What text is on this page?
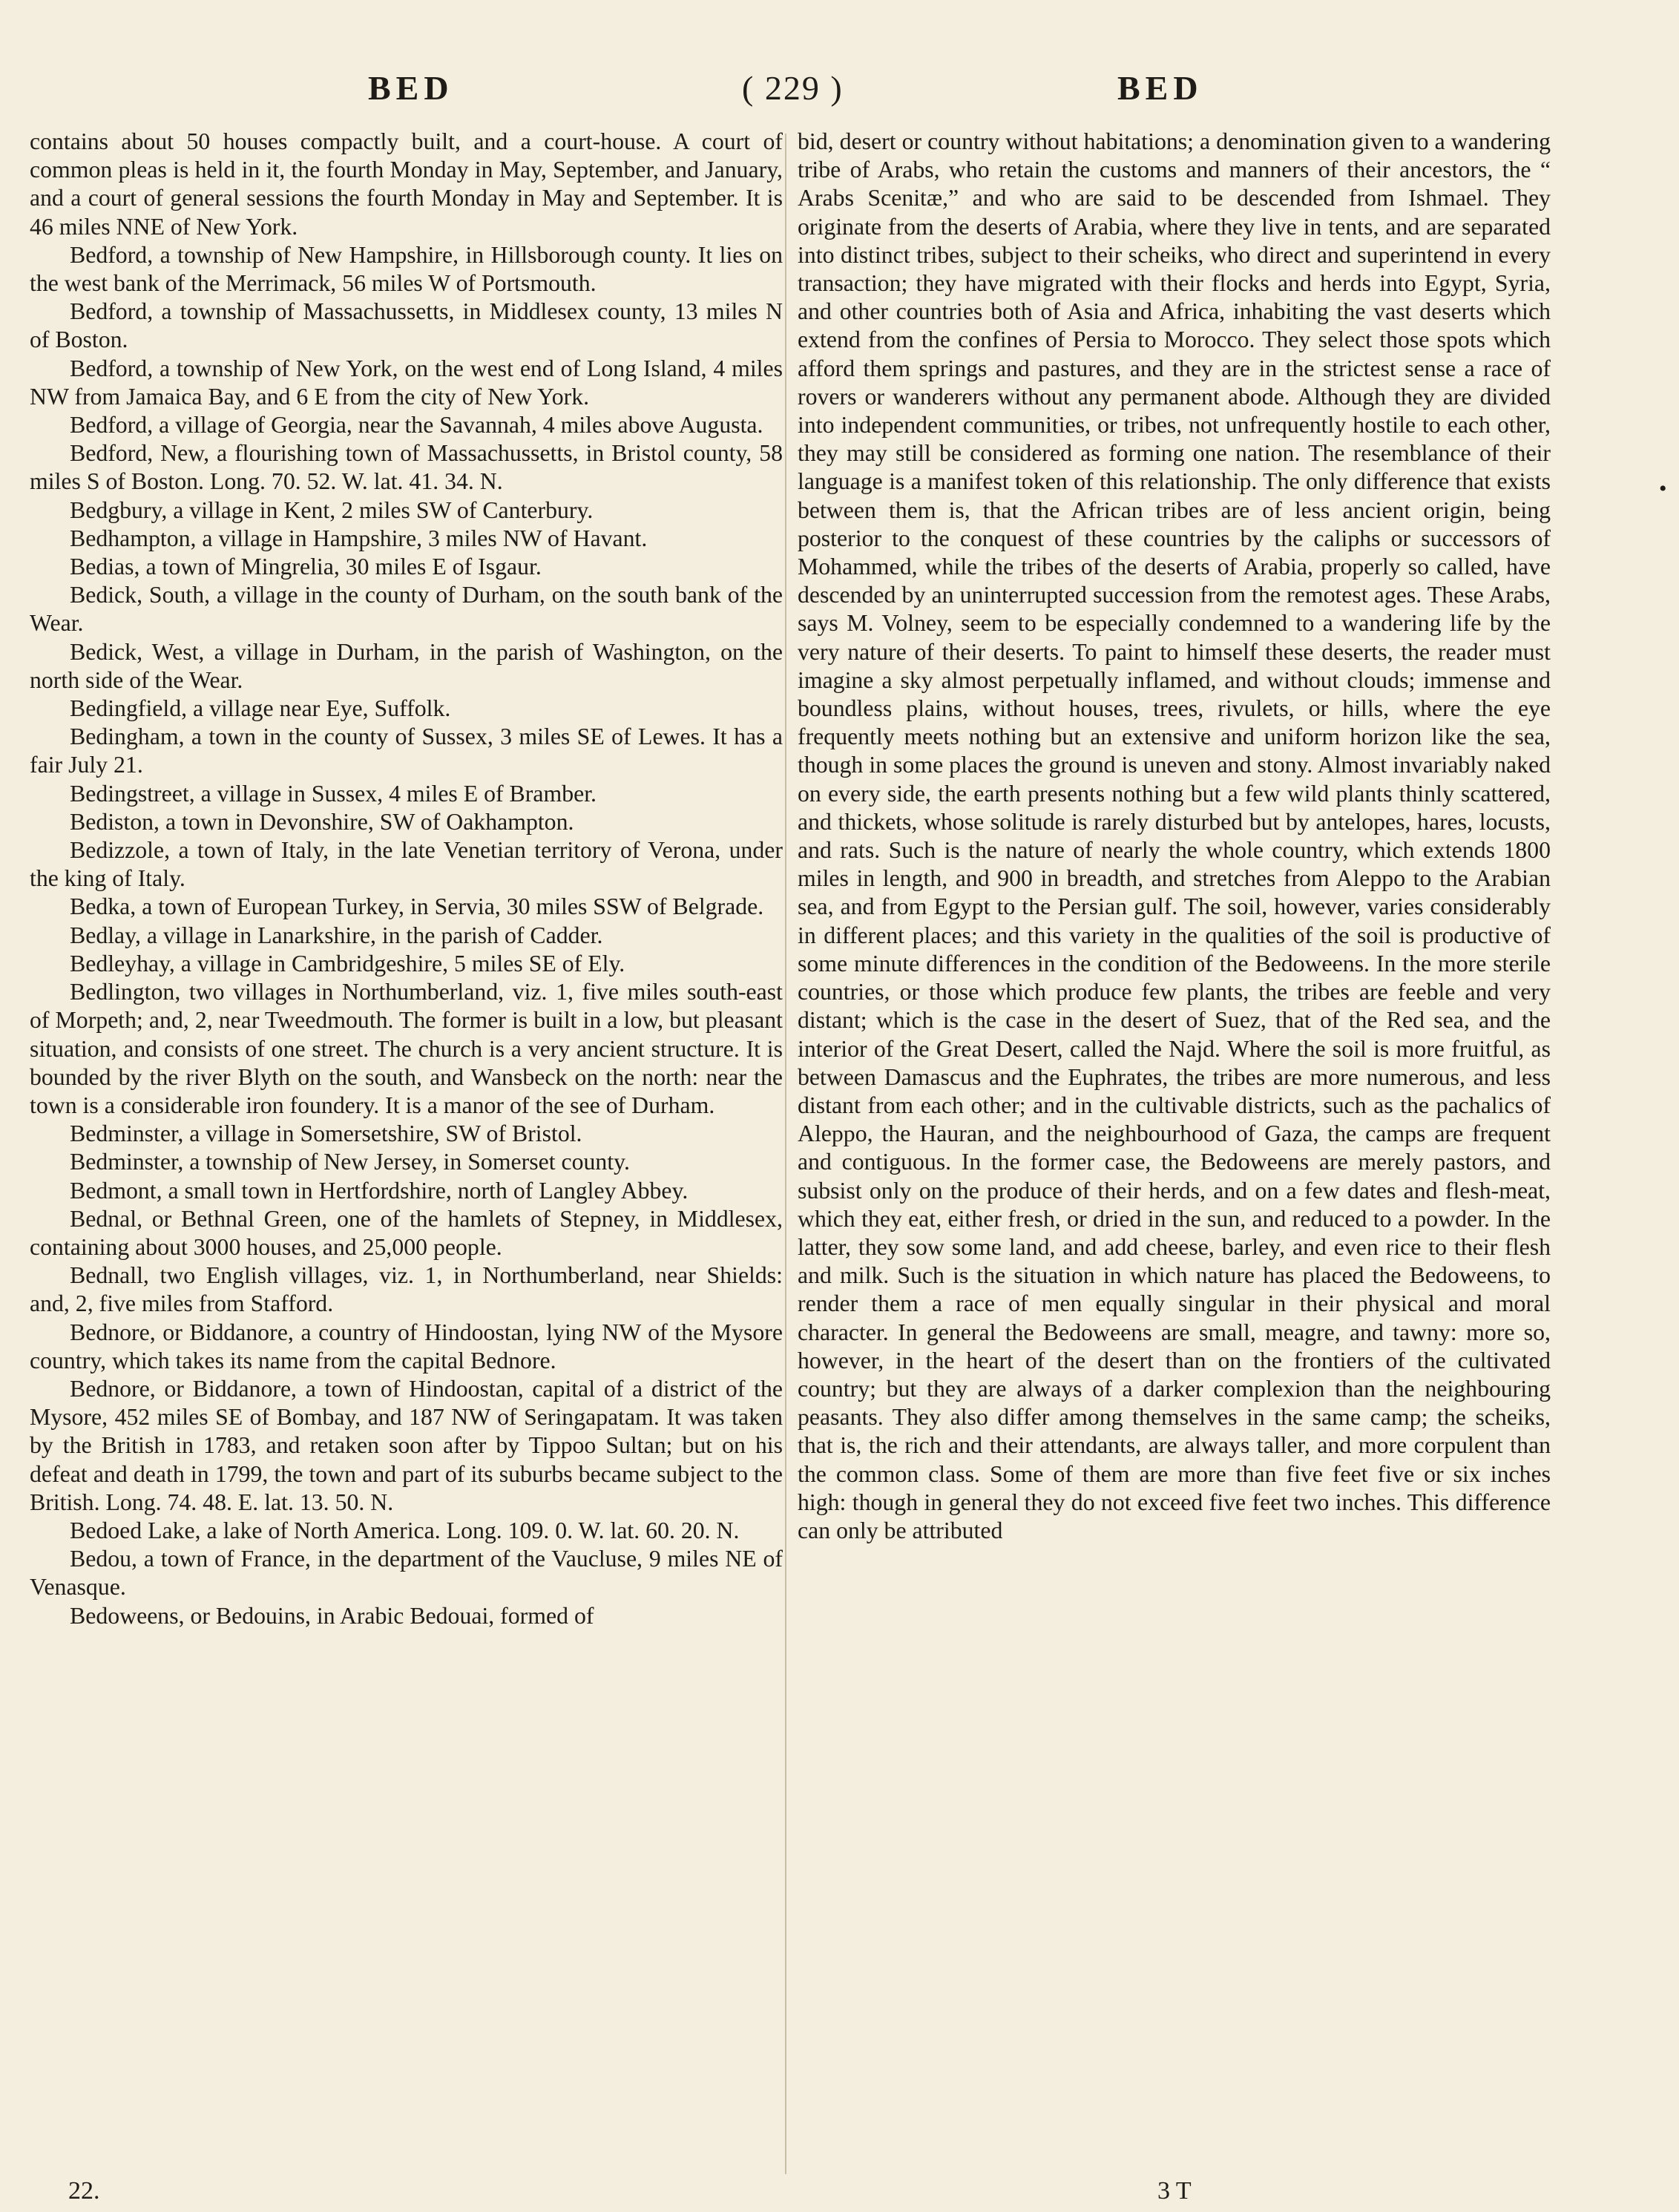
BED	( 229 )	BED

contains about 50 houses compactly built, and a court-house. A court of common pleas is held in it, the fourth Monday in May, September, and January, and a court of general sessions the fourth Monday in May and September. It is 46 miles NNE of New York.

Bedford, a township of New Hampshire, in Hillsborough county. It lies on the west bank of the Merrimack, 56 miles W of Portsmouth.

Bedford, a township of Massachussetts, in Middlesex county, 13 miles N of Boston.

Bedford, a township of New York, on the west end of Long Island, 4 miles NW from Jamaica Bay, and 6 E from the city of New York.

Bedford, a village of Georgia, near the Savannah, 4 miles above Augusta.

Bedford, New, a flourishing town of Massachussetts, in Bristol county, 58 miles S of Boston. Long. 70. 52. W. lat. 41. 34. N.

Bedgbury, a village in Kent, 2 miles SW of Canterbury.

Bedhampton, a village in Hampshire, 3 miles NW of Havant.

Bedias, a town of Mingrelia, 30 miles E of Isgaur.

Bedick, South, a village in the county of Durham, on the south bank of the Wear.

Bedick, West, a village in Durham, in the parish of Washington, on the north side of the Wear.

Bedingfield, a village near Eye, Suffolk.

Bedingham, a town in the county of Sussex, 3 miles SE of Lewes. It has a fair July 21.

Bedingstreet, a village in Sussex, 4 miles E of Bramber.

Bediston, a town in Devonshire, SW of Oakhampton.

Bedizzole, a town of Italy, in the late Venetian territory of Verona, under the king of Italy.

Bedka, a town of European Turkey, in Servia, 30 miles SSW of Belgrade.

Bedlay, a village in Lanarkshire, in the parish of Cadder.

Bedleyhay, a village in Cambridgeshire, 5 miles SE of Ely.

Bedlington, two villages in Northumberland, viz. 1, five miles south-east of Morpeth; and, 2, near Tweedmouth. The former is built in a low, but pleasant situation, and consists of one street. The church is a very ancient structure. It is bounded by the river Blyth on the south, and Wansbeck on the north: near the town is a considerable iron foundery. It is a manor of the see of Durham.

Bedminster, a village in Somersetshire, SW of Bristol.

Bedminster, a township of New Jersey, in Somerset county.

Bedmont, a small town in Hertfordshire, north of Langley Abbey.

Bednal, or Bethnal Green, one of the hamlets of Stepney, in Middlesex, containing about 3000 houses, and 25,000 people.

Bednall, two English villages, viz. 1, in Northumberland, near Shields: and, 2, five miles from Stafford.

Bednore, or Biddanore, a country of Hindoostan, lying NW of the Mysore country, which takes its name from the capital Bednore.

Bednore, or Biddanore, a town of Hindoostan, capital of a district of the Mysore, 452 miles SE of Bombay, and 187 NW of Seringapatam. It was taken by the British in 1783, and retaken soon after by Tippoo Sultan; but on his defeat and death in 1799, the town and part of its suburbs became subject to the British. Long. 74. 48. E. lat. 13. 50. N.

Bedoed Lake, a lake of North America. Long. 109. 0. W. lat. 60. 20. N.

Bedou, a town of France, in the department of the Vaucluse, 9 miles NE of Venasque.

Bedoweens, or Bedouins, in Arabic Bedouai, formed of

bid, desert or country without habitations; a denomination given to a wandering tribe of Arabs, who retain the customs and manners of their ancestors, the “ Arabs Scenitæ,” and who are said to be descended from Ishmael. They originate from the deserts of Arabia, where they live in tents, and are separated into distinct tribes, subject to their scheiks, who direct and superintend in every transaction; they have migrated with their flocks and herds into Egypt, Syria, and other countries both of Asia and Africa, inhabiting the vast deserts which extend from the confines of Persia to Morocco. They select those spots which afford them springs and pastures, and they are in the strictest sense a race of rovers or wanderers without any permanent abode. Although they are divided into independent communities, or tribes, not unfrequently hostile to each other, they may still be considered as forming one nation. The resemblance of their language is a manifest token of this relationship. The only difference that exists between them is, that the African tribes are of less ancient origin, being posterior to the conquest of these countries by the caliphs or successors of Mohammed, while the tribes of the deserts of Arabia, properly so called, have descended by an uninterrupted succession from the remotest ages. These Arabs, says M. Volney, seem to be especially condemned to a wandering life by the very nature of their deserts. To paint to himself these deserts, the reader must imagine a sky almost perpetually inflamed, and without clouds; immense and boundless plains, without houses, trees, rivulets, or hills, where the eye frequently meets nothing but an extensive and uniform horizon like the sea, though in some places the ground is uneven and stony. Almost invariably naked on every side, the earth presents nothing but a few wild plants thinly scattered, and thickets, whose solitude is rarely disturbed but by antelopes, hares, locusts, and rats. Such is the nature of nearly the whole country, which extends 1800 miles in length, and 900 in breadth, and stretches from Aleppo to the Arabian sea, and from Egypt to the Persian gulf. The soil, however, varies considerably in different places; and this variety in the qualities of the soil is productive of some minute differences in the condition of the Bedoweens. In the more sterile countries, or those which produce few plants, the tribes are feeble and very distant; which is the case in the desert of Suez, that of the Red sea, and the interior of the Great Desert, called the Najd. Where the soil is more fruitful, as between Damascus and the Euphrates, the tribes are more numerous, and less distant from each other; and in the cultivable districts, such as the pachalics of Aleppo, the Hauran, and the neighbourhood of Gaza, the camps are frequent and contiguous. In the former case, the Bedoweens are merely pastors, and subsist only on the produce of their herds, and on a few dates and flesh-meat, which they eat, either fresh, or dried in the sun, and reduced to a powder. In the latter, they sow some land, and add cheese, barley, and even rice to their flesh and milk. Such is the situation in which nature has placed the Bedoweens, to render them a race of men equally singular in their physical and moral character. In general the Bedoweens are small, meagre, and tawny: more so, however, in the heart of the desert than on the frontiers of the cultivated country; but they are always of a darker complexion than the neighbouring peasants. They also differ among themselves in the same camp; the scheiks, that is, the rich and their attendants, are always taller, and more corpulent than the common class. Some of them are more than five feet five or six inches high: though in general they do not exceed five feet two inches. This difference can only be attributed

•
22.	3 T
